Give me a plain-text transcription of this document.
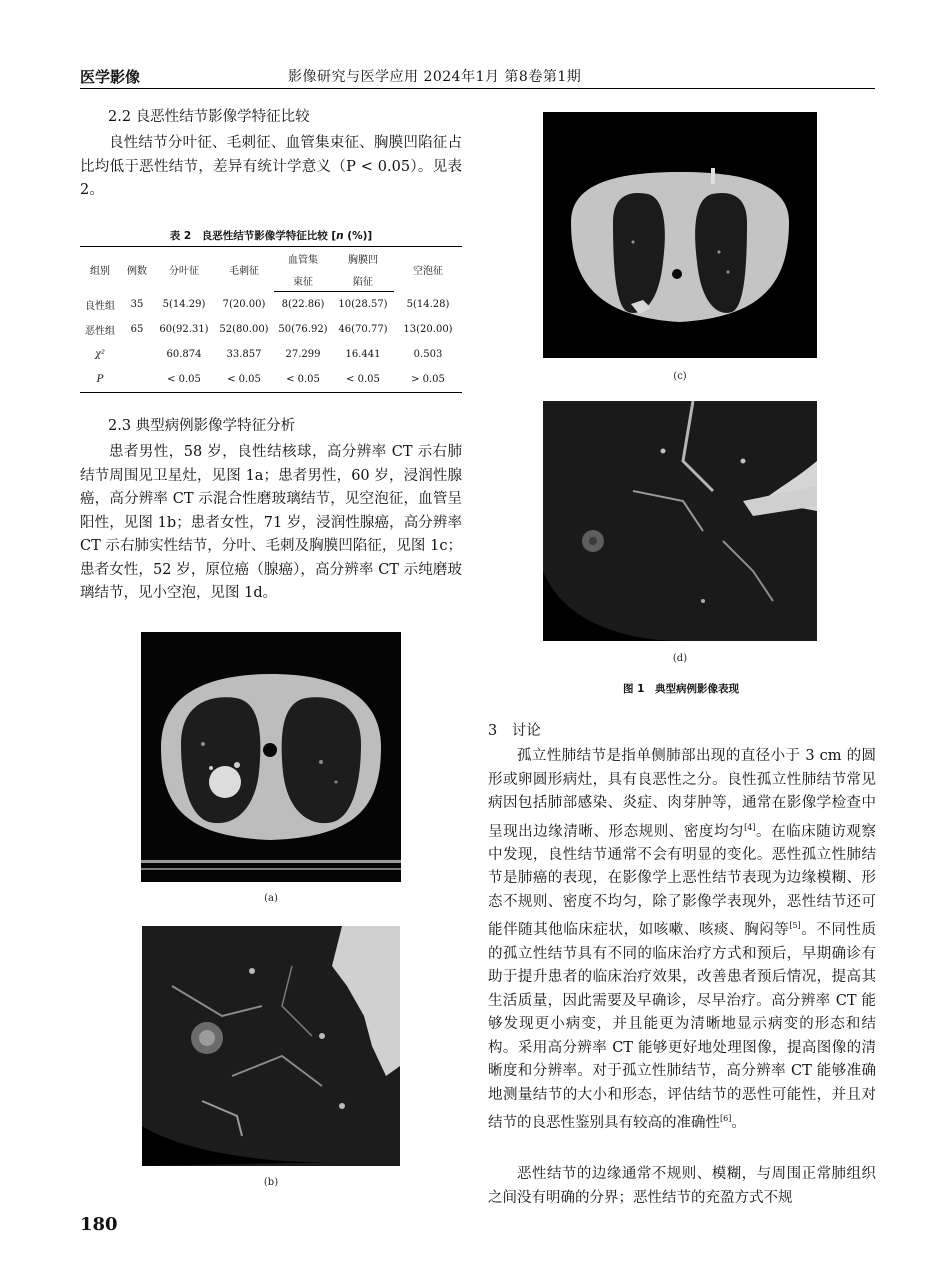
医学影像	影像研究与医学应用 2024年1月 第8卷第1期
2.2 良恶性结节影像学特征比较

良性结节分叶征、毛刺征、血管集束征、胸膜凹陷征占比均低于恶性结节，差异有统计学意义（P < 0.05）。见表 2。

表 2　良恶性结节影像学特征比较 [n (%)]
组别	例数	分叶征	毛刺征	血管集	胸膜凹	空泡征
				束征	陷征	
良性组	35	5(14.29)	7(20.00)	8(22.86)	10(28.57)	5(14.28)
恶性组	65	60(92.31)	52(80.00)	50(76.92)	46(70.77)	13(20.00)
χ²		60.874	33.857	27.299	16.441	0.503
P		< 0.05	< 0.05	< 0.05	< 0.05	> 0.05
2.3 典型病例影像学特征分析

患者男性，58 岁，良性结核球，高分辨率 CT 示右肺结节周围见卫星灶，见图 1a；患者男性，60 岁，浸润性腺癌，高分辨率 CT 示混合性磨玻璃结节，见空泡征，血管呈阳性，见图 1b；患者女性，71 岁，浸润性腺癌，高分辨率 CT 示右肺实性结节，分叶、毛刺及胸膜凹陷征，见图 1c；患者女性，52 岁，原位癌（腺癌），高分辨率 CT 示纯磨玻璃结节，见小空泡，见图 1d。

(a)
(b)
(c)
(d)
图 1　典型病例影像表现
3　讨论

孤立性肺结节是指单侧肺部出现的直径小于 3 cm 的圆形或卵圆形病灶，具有良恶性之分。良性孤立性肺结节常见病因包括肺部感染、炎症、肉芽肿等，通常在影像学检查中呈现出边缘清晰、形态规则、密度均匀[4]。在临床随访观察中发现，良性结节通常不会有明显的变化。恶性孤立性肺结节是肺癌的表现，在影像学上恶性结节表现为边缘模糊、形态不规则、密度不均匀，除了影像学表现外，恶性结节还可能伴随其他临床症状，如咳嗽、咳痰、胸闷等[5]。不同性质的孤立性结节具有不同的临床治疗方式和预后，早期确诊有助于提升患者的临床治疗效果，改善患者预后情况，提高其生活质量，因此需要及早确诊，尽早治疗。高分辨率 CT 能够发现更小病变，并且能更为清晰地显示病变的形态和结构。采用高分辨率 CT 能够更好地处理图像，提高图像的清晰度和分辨率。对于孤立性肺结节，高分辨率 CT 能够准确地测量结节的大小和形态，评估结节的恶性可能性，并且对结节的良恶性鉴别具有较高的准确性[6]。

恶性结节的边缘通常不规则、模糊，与周围正常肺组织之间没有明确的分界；恶性结节的充盈方式不规

180
